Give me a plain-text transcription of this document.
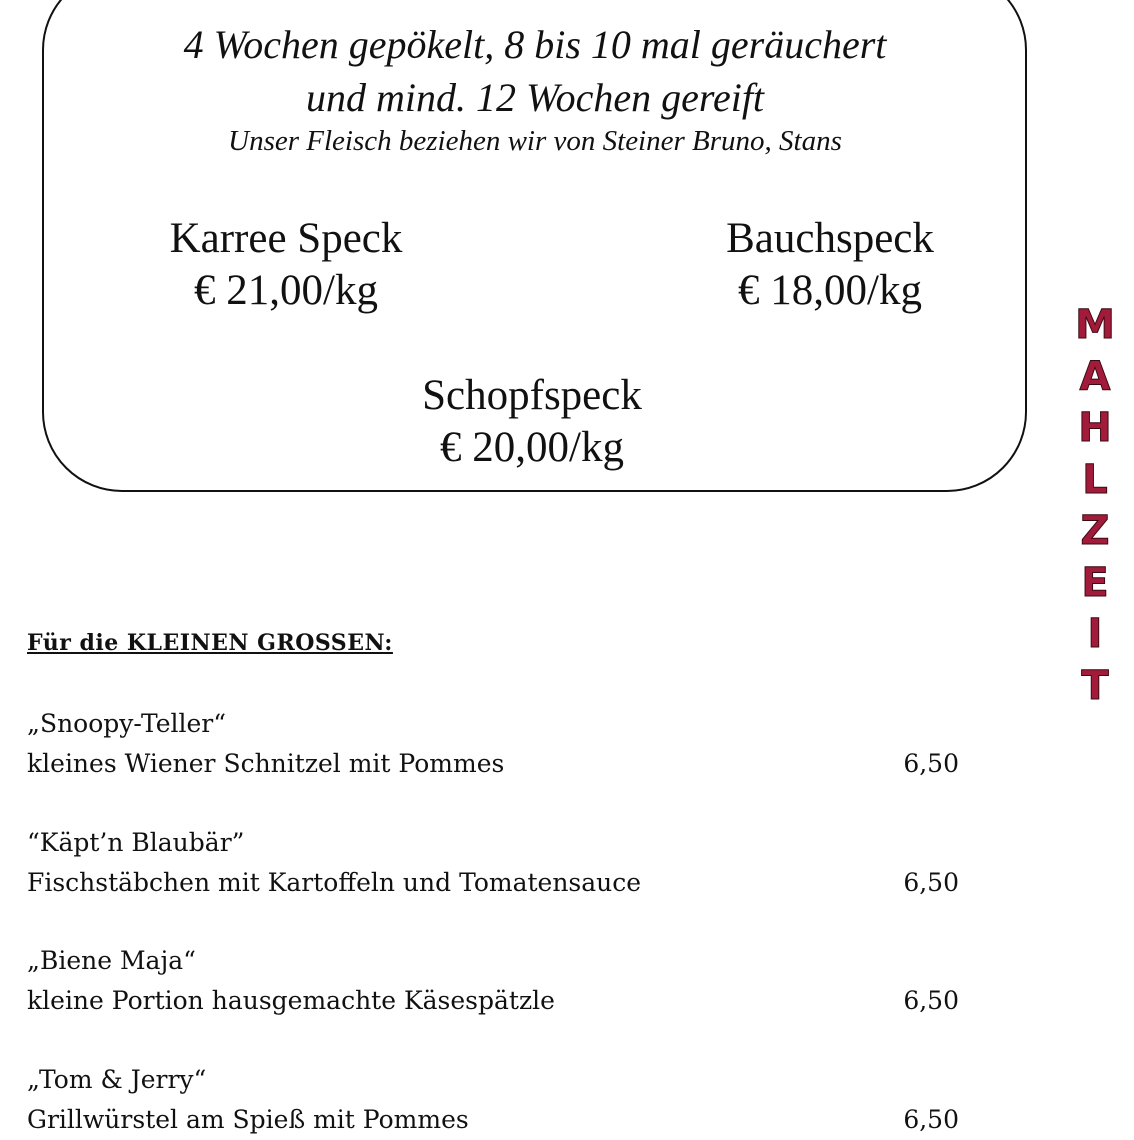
4 Wochen gepökelt, 8 bis 10 mal geräuchert
und mind. 12 Wochen gereift
Unser Fleisch beziehen wir von Steiner Bruno, Stans
Karree Speck
€ 21,00/kg
Bauchspeck
€ 18,00/kg
Schopfspeck
€ 20,00/kg
M
A
H
L
Z
E
I
T
Für die KLEINEN GROSSEN:
„Snoopy-Teller“
kleines Wiener Schnitzel mit Pommes	6,50
“Käpt’n Blaubär”
Fischstäbchen mit Kartoffeln und Tomatensauce	6,50
„Biene Maja“
kleine Portion hausgemachte Käsespätzle	6,50
„Tom & Jerry“
Grillwürstel am Spieß mit Pommes	6,50
